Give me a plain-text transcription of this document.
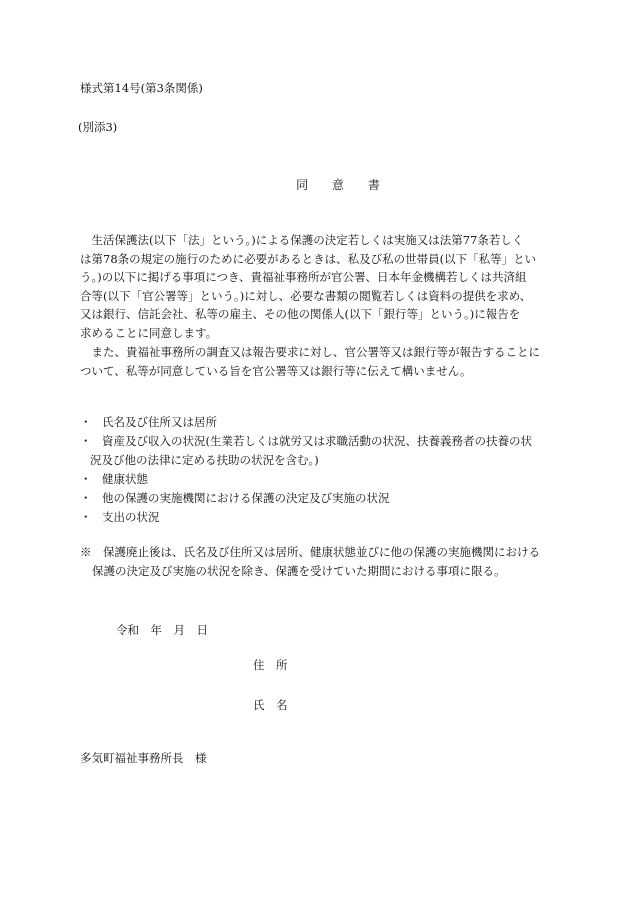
様式第14号(第3条関係)
(別添3)
同 意 書
　生活保護法(以下「法」という。)による保護の決定若しくは実施又は法第77条若しく
は第78条の規定の施行のために必要があるときは、私及び私の世帯員(以下「私等」とい
う。)の以下に掲げる事項につき、貴福祉事務所が官公署、日本年金機構若しくは共済組
合等(以下「官公署等」という。)に対し、必要な書類の閲覧若しくは資料の提供を求め、
又は銀行、信託会社、私等の雇主、その他の関係人(以下「銀行等」という。)に報告を
求めることに同意します。
　また、貴福祉事務所の調査又は報告要求に対し、官公署等又は銀行等が報告することに
ついて、私等が同意している旨を官公署等又は銀行等に伝えて構いません。
・ 氏名及び住所又は居所
・ 資産及び収入の状況(生業若しくは就労又は求職活動の状況、扶養義務者の扶養の状
況及び他の法律に定める扶助の状況を含む。)
・ 健康状態
・ 他の保護の実施機関における保護の決定及び実施の状況
・ 支出の状況
※　保護廃止後は、氏名及び住所又は居所、健康状態並びに他の保護の実施機関における
保護の決定及び実施の状況を除き、保護を受けていた期間における事項に限る。
令和　年　月　日
住　所
氏　名
多気町福祉事務所長　様
